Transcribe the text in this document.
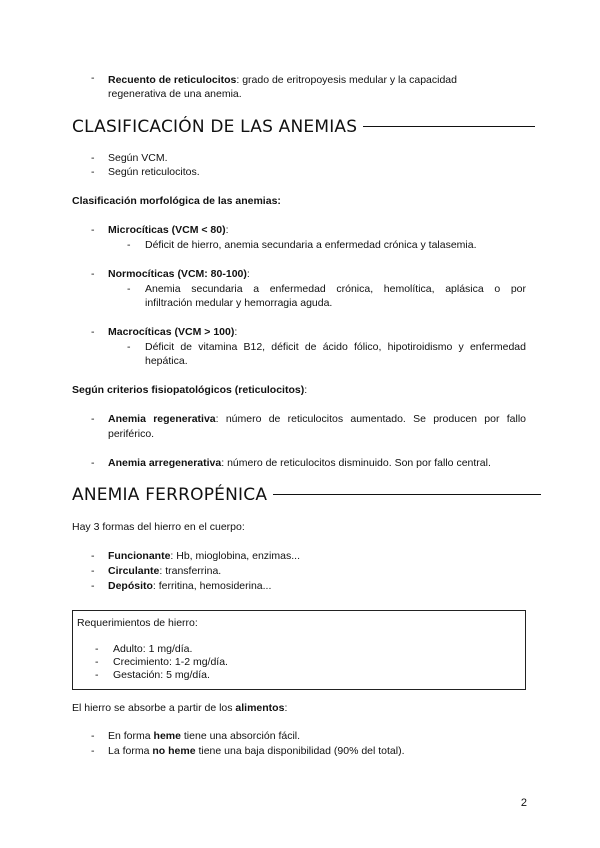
- Recuento de reticulocitos: grado de eritropoyesis medular y la capacidad
regenerativa de una anemia.
CLASIFICACIÓN DE LAS ANEMIAS
- Según VCM.
- Según reticulocitos.
Clasificación morfológica de las anemias:
- Microcíticas (VCM < 80):
- Déficit de hierro, anemia secundaria a enfermedad crónica y talasemia.
- Normocíticas (VCM: 80-100):
- Anemia secundaria a enfermedad crónica, hemolítica, aplásica o por
infiltración medular y hemorragia aguda.
- Macrocíticas (VCM > 100):
- Déficit de vitamina B12, déficit de ácido fólico, hipotiroidismo y enfermedad
hepática.
Según criterios fisiopatológicos (reticulocitos):
- Anemia regenerativa: número de reticulocitos aumentado. Se producen por fallo
periférico.
- Anemia arregenerativa: número de reticulocitos disminuido. Son por fallo central.
ANEMIA FERROPÉNICA
Hay 3 formas del hierro en el cuerpo:
- Funcionante: Hb, mioglobina, enzimas...
- Circulante: transferrina.
- Depósito: ferritina, hemosiderina...
Requerimientos de hierro:
- Adulto: 1 mg/día.
- Crecimiento: 1-2 mg/día.
- Gestación: 5 mg/día.
El hierro se absorbe a partir de los alimentos:
- En forma heme tiene una absorción fácil.
- La forma no heme tiene una baja disponibilidad (90% del total).
2
